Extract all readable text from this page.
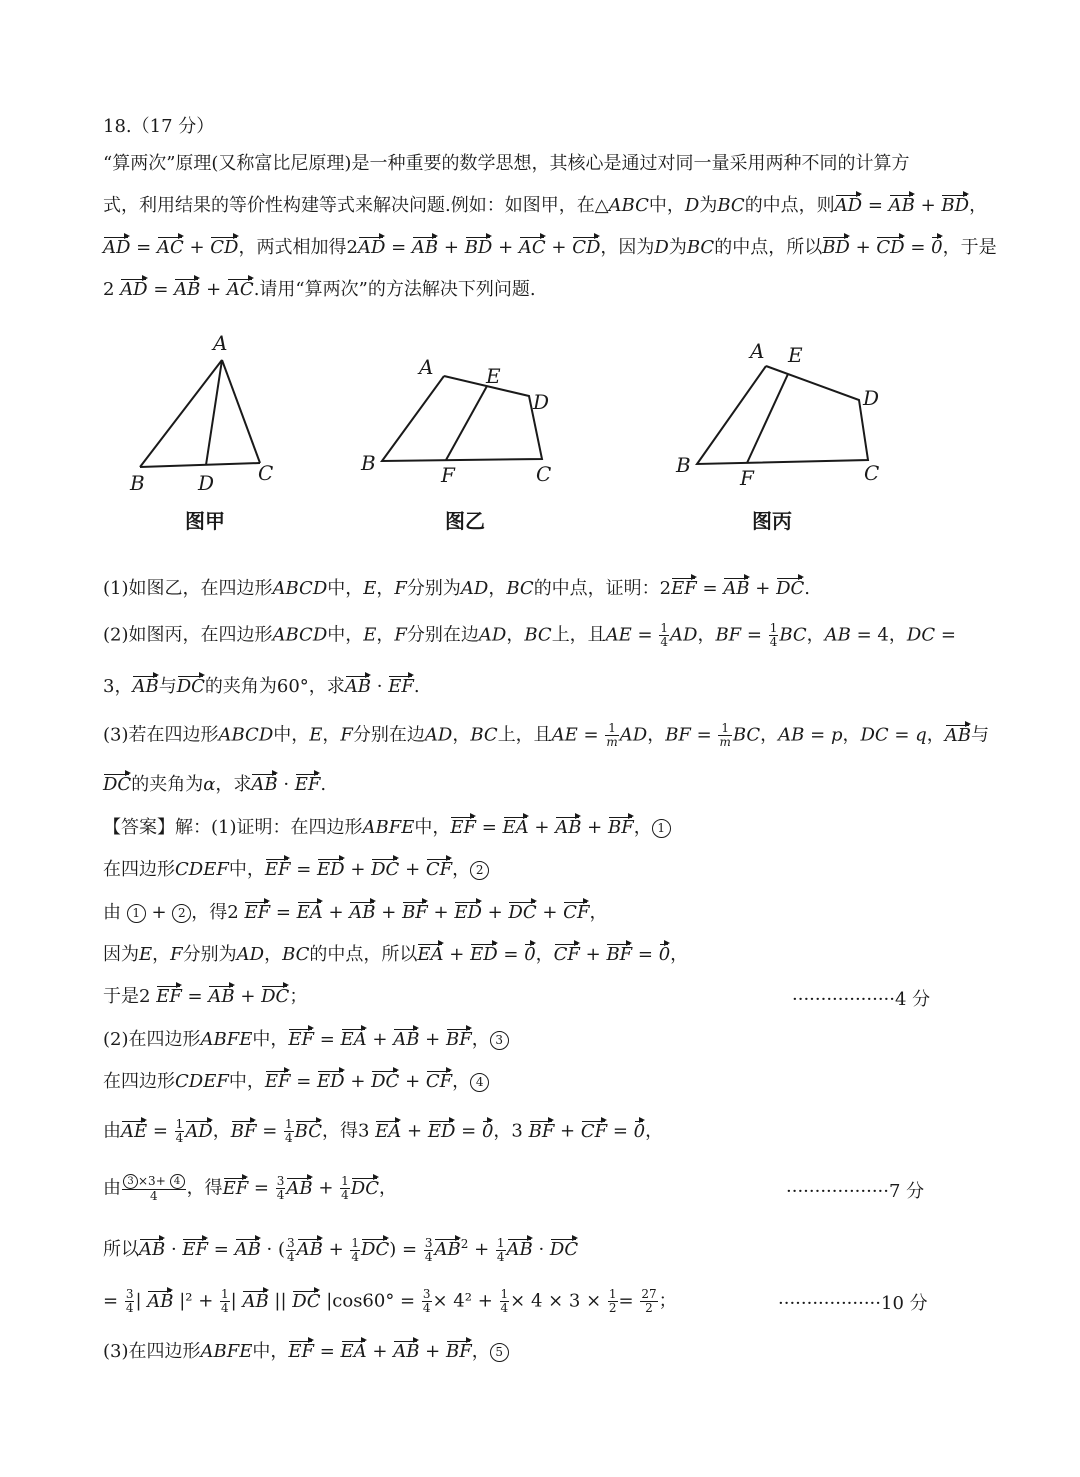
18.（17 分）
“算两次”原理(又称富比尼原理)是一种重要的数学思想，其核心是通过对同一量采用两种不同的计算方
式，利用结果的等价性构建等式来解决问题.例如：如图甲，在△ABC中，D为BC的中点，则AD = AB + BD，
AD = AC + CD，两式相加得2AD = AB + BD + AC + CD，因为D为BC的中点，所以BD + CD = 0，于是
2 AD = AB + AC.请用“算两次”的方法解决下列问题.
A
B	D C
图甲
A	E
D
B	F	C
图乙
A E
D
B
F	C
图丙
(1)如图乙，在四边形ABCD中，E，F分别为AD，BC的中点，证明：2EF = AB + DC.
(2)如图丙，在四边形ABCD中，E，F分别在边AD，BC上，且AE = $\frac{1}{4}$ AD，BF = $\frac{1}{4}$ BC，AB = 4，DC =
3，AB与DC的夹角为60°，求AB · EF.
(3)若在四边形ABCD中，E，F分别在边AD，BC上，且AE = $\frac{1}{m}$ AD，BF = $\frac{1}{m}$ BC，AB = p，DC = q，AB与
DC的夹角为α，求AB · EF.
【答案】解：(1)证明：在四边形ABFE中，EF = EA + AB + BF， 1
在四边形CDEF中，EF = ED + DC + CF， 2
由 1 + 2 ，得2 EF = EA + AB + BF + ED + DC + CF，
因为E，F分别为AD，BC的中点，所以EA + ED = 0，CF + BF = 0，
于是2 EF = AB + DC；	··················4 分
(2)在四边形ABFE中，EF = EA + AB + BF， 3
在四边形CDEF中，EF = ED + DC + CF， 4
由AE = $\frac{1}{4}$ AD，BF = $\frac{1}{4}$ BC，得3 EA + ED = 0，3 BF + CF = 0，
由 $\frac{3 \times 3+ 4}{4}$ ，得EF = $\frac{3}{4}$ AB + $\frac{1}{4}$ DC，	··················7 分
所以AB · EF = AB · ( $\frac{3}{4}$ AB + $\frac{1}{4} DC) = \frac{3}{4} AB^2 + \frac{1}{4}$ AB · DC
= $\frac{3}{4}$ | AB $|^2 + \frac{1}{4}$ | AB || DC $|\cos 60^\circ = \frac{3}{4} \times 4^2 + \frac{1}{4} \times 4 \times 3 \times \frac{1}{2} = \frac{27}{2}$ ；	··················10 分
(3)在四边形ABFE中，EF = EA + AB + BF， 5
